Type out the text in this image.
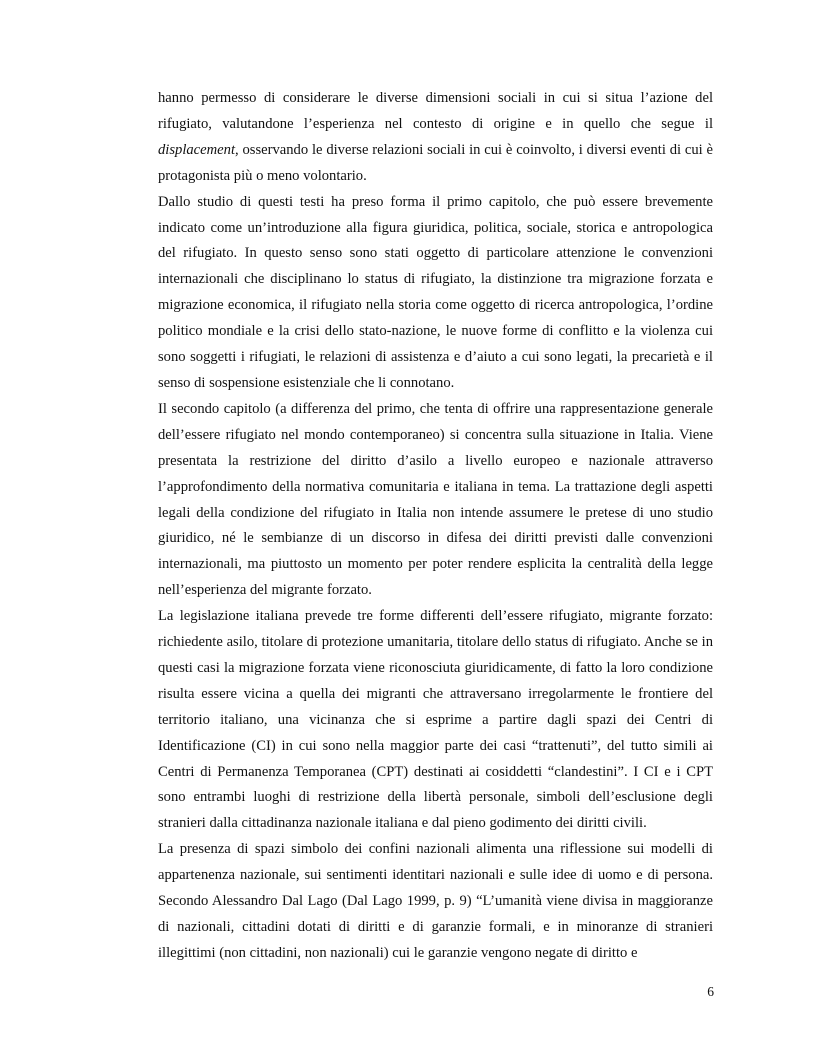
hanno permesso di considerare le diverse dimensioni sociali in cui si situa l’azione del rifugiato, valutandone l’esperienza nel contesto di origine e in quello che segue il displacement, osservando le diverse relazioni sociali in cui è coinvolto, i diversi eventi di cui è protagonista più o meno volontario.

Dallo studio di questi testi ha preso forma il primo capitolo, che può essere brevemente indicato come un’introduzione alla figura giuridica, politica, sociale, storica e antropologica del rifugiato. In questo senso sono stati oggetto di particolare attenzione le convenzioni internazionali che disciplinano lo status di rifugiato, la distinzione tra migrazione forzata e migrazione economica, il rifugiato nella storia come oggetto di ricerca antropologica, l’ordine politico mondiale e la crisi dello stato-nazione, le nuove forme di conflitto e la violenza cui sono soggetti i rifugiati, le relazioni di assistenza e d’aiuto a cui sono legati, la precarietà e il senso di sospensione esistenziale che li connotano.

Il secondo capitolo (a differenza del primo, che tenta di offrire una rappresentazione generale dell’essere rifugiato nel mondo contemporaneo) si concentra sulla situazione in Italia. Viene presentata la restrizione del diritto d’asilo a livello europeo e nazionale attraverso l’approfondimento della normativa comunitaria e italiana in tema. La trattazione degli aspetti legali della condizione del rifugiato in Italia non intende assumere le pretese di uno studio giuridico, né le sembianze di un discorso in difesa dei diritti previsti dalle convenzioni internazionali, ma piuttosto un momento per poter rendere esplicita la centralità della legge nell’esperienza del migrante forzato.

La legislazione italiana prevede tre forme differenti dell’essere rifugiato, migrante forzato: richiedente asilo, titolare di protezione umanitaria, titolare dello status di rifugiato. Anche se in questi casi la migrazione forzata viene riconosciuta giuridicamente, di fatto la loro condizione risulta essere vicina a quella dei migranti che attraversano irregolarmente le frontiere del territorio italiano, una vicinanza che si esprime a partire dagli spazi dei Centri di Identificazione (CI) in cui sono nella maggior parte dei casi “trattenuti”, del tutto simili ai Centri di Permanenza Temporanea (CPT) destinati ai cosiddetti “clandestini”. I CI e i CPT sono entrambi luoghi di restrizione della libertà personale, simboli dell’esclusione degli stranieri dalla cittadinanza nazionale italiana e dal pieno godimento dei diritti civili.

La presenza di spazi simbolo dei confini nazionali alimenta una riflessione sui modelli di appartenenza nazionale, sui sentimenti identitari nazionali e sulle idee di uomo e di persona. Secondo Alessandro Dal Lago (Dal Lago 1999, p. 9) “L’umanità viene divisa in maggioranze di nazionali, cittadini dotati di diritti e di garanzie formali, e in minoranze di stranieri illegittimi (non cittadini, non nazionali) cui le garanzie vengono negate di diritto e

6
